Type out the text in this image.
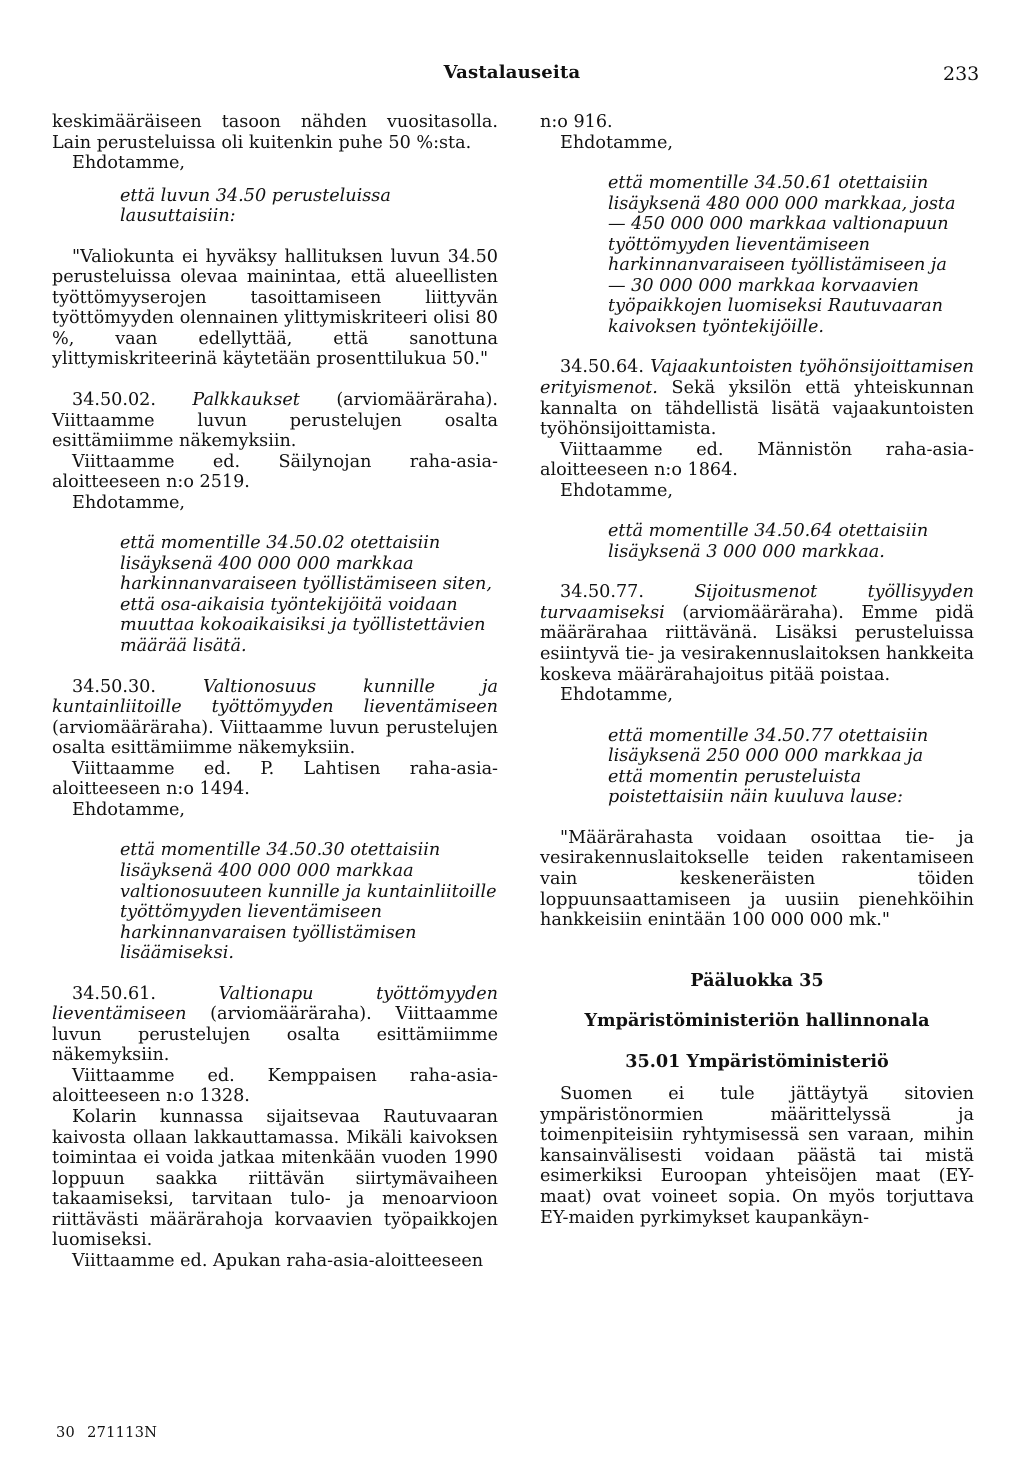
Vastalauseita	233

keskimääräiseen tasoon nähden vuositasolla. Lain perusteluissa oli kuitenkin puhe 50 %:sta.

Ehdotamme,

että luvun 34.50 perusteluissa lausuttaisiin:

"Valiokunta ei hyväksy hallituksen luvun 34.50 perusteluissa olevaa mainintaa, että alueellisten työttömyyserojen tasoittamiseen liittyvän työttömyyden olennainen ylittymiskriteeri olisi 80 %, vaan edellyttää, että sanottuna ylittymiskriteerinä käytetään prosenttilukua 50."

34.50.02. Palkkaukset (arviomääräraha). Viittaamme luvun perustelujen osalta esittämiimme näkemyksiin.

Viittaamme ed. Säilynojan raha-asia-aloitteeseen n:o 2519.

Ehdotamme,

että momentille 34.50.02 otettaisiin lisäyksenä 400 000 000 markkaa harkinnanvaraiseen työllistämiseen siten, että osa-aikaisia työntekijöitä voidaan muuttaa kokoaikaisiksi ja työllistettävien määrää lisätä.

34.50.30. Valtionosuus kunnille ja kuntainliitoille työttömyyden lieventämiseen (arviomääräraha). Viittaamme luvun perustelujen osalta esittämiimme näkemyksiin.

Viittaamme ed. P. Lahtisen raha-asia-aloitteeseen n:o 1494.

Ehdotamme,

että momentille 34.50.30 otettaisiin lisäyksenä 400 000 000 markkaa valtionosuuteen kunnille ja kuntainliitoille työttömyyden lieventämiseen harkinnanvaraisen työllistämisen lisäämiseksi.

34.50.61. Valtionapu työttömyyden lieventämiseen (arviomääräraha). Viittaamme luvun perustelujen osalta esittämiimme näkemyksiin.

Viittaamme ed. Kemppaisen raha-asia-aloitteeseen n:o 1328.

Kolarin kunnassa sijaitsevaa Rautuvaaran kaivosta ollaan lakkauttamassa. Mikäli kaivoksen toimintaa ei voida jatkaa mitenkään vuoden 1990 loppuun saakka riittävän siirtymävaiheen takaamiseksi, tarvitaan tulo- ja menoarvioon riittävästi määrärahoja korvaavien työpaikkojen luomiseksi.

Viittaamme ed. Apukan raha-asia-aloitteeseen

n:o 916.

Ehdotamme,

että momentille 34.50.61 otettaisiin lisäyksenä 480 000 000 markkaa, josta

— 450 000 000 markkaa valtionapuun työttömyyden lieventämiseen harkinnanvaraiseen työllistämiseen ja

— 30 000 000 markkaa korvaavien työpaikkojen luomiseksi Rautuvaaran kaivoksen työntekijöille.

34.50.64. Vajaakuntoisten työhönsijoittamisen erityismenot. Sekä yksilön että yhteiskunnan kannalta on tähdellistä lisätä vajaakuntoisten työhönsijoittamista.

Viittaamme ed. Männistön raha-asia-aloitteeseen n:o 1864.

Ehdotamme,

että momentille 34.50.64 otettaisiin lisäyksenä 3 000 000 markkaa.

34.50.77. Sijoitusmenot työllisyyden turvaamiseksi (arviomääräraha). Emme pidä määrärahaa riittävänä. Lisäksi perusteluissa esiintyvä tie- ja vesirakennuslaitoksen hankkeita koskeva määrärahajoitus pitää poistaa.

Ehdotamme,

että momentille 34.50.77 otettaisiin lisäyksenä 250 000 000 markkaa ja

että momentin perusteluista poistettaisiin näin kuuluva lause:

"Määrärahasta voidaan osoittaa tie- ja vesirakennuslaitokselle teiden rakentamiseen vain keskeneräisten töiden loppuunsaattamiseen ja uusiin pienehköihin hankkeisiin enintään 100 000 000 mk."

Pääluokka 35

Ympäristöministeriön hallinnonala

35.01 Ympäristöministeriö

Suomen ei tule jättäytyä sitovien ympäristönormien määrittelyssä ja toimenpiteisiin ryhtymisessä sen varaan, mihin kansainvälisesti voidaan päästä tai mistä esimerkiksi Euroopan yhteisöjen maat (EY-maat) ovat voineet sopia. On myös torjuttava EY-maiden pyrkimykset kaupankäyn-

30 271113N
